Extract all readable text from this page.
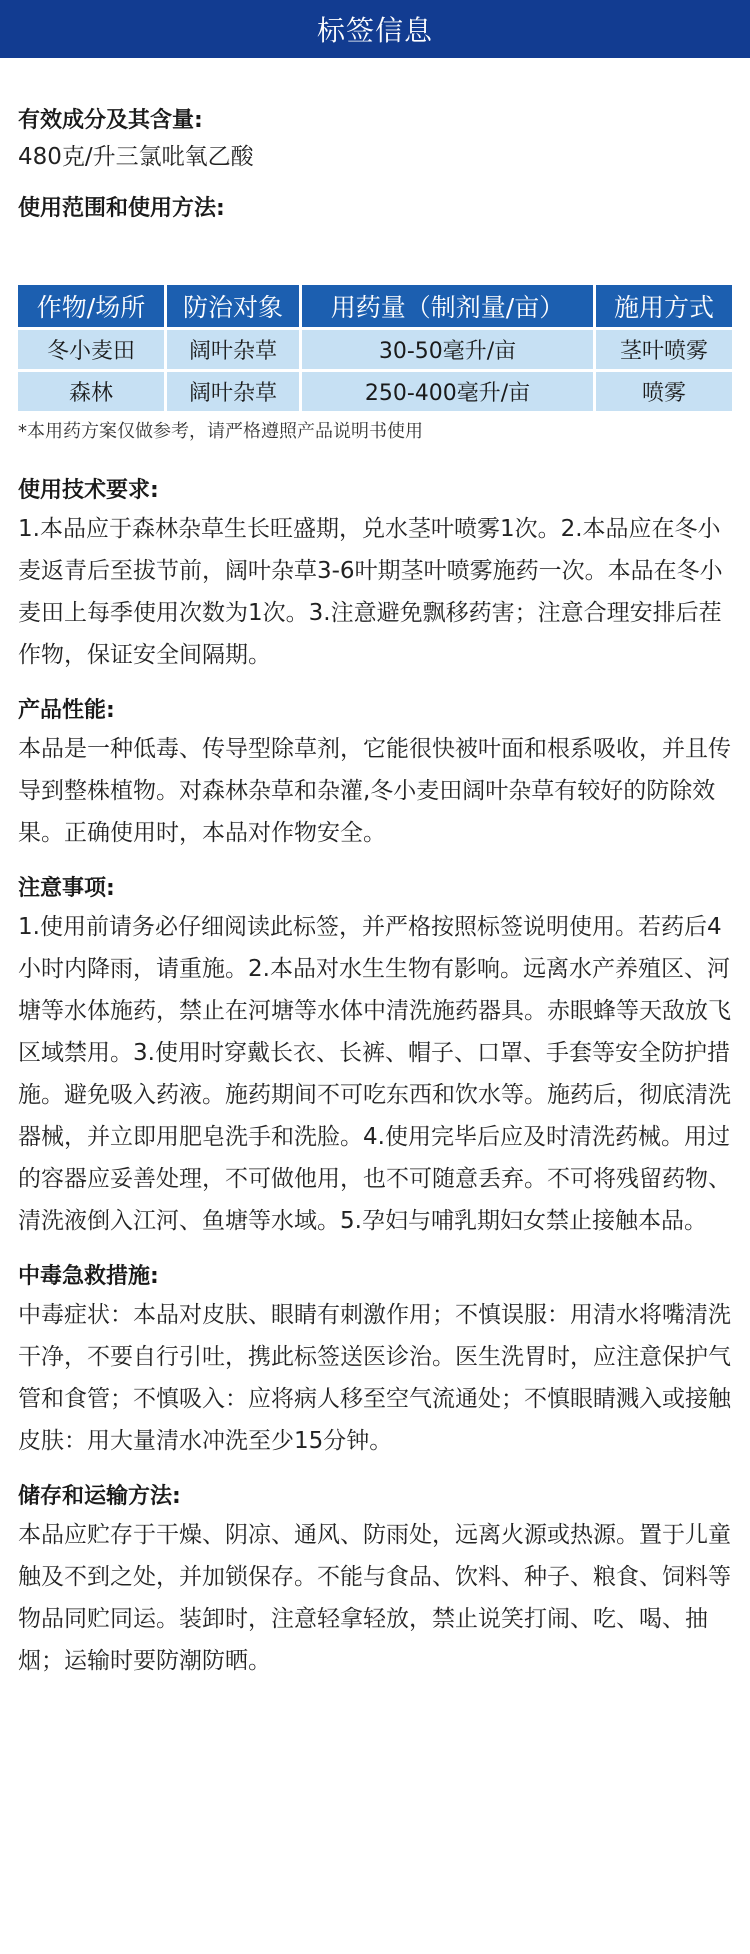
标签信息

有效成分及其含量:

480克/升三氯吡氧乙酸

使用范围和使用方法:

作物/场所	防治对象	用药量（制剂量/亩）	施用方式
冬小麦田	阔叶杂草	30-50毫升/亩	茎叶喷雾
森林	阔叶杂草	250-400毫升/亩	喷雾

*本用药方案仅做参考，请严格遵照产品说明书使用

使用技术要求:

1.本品应于森林杂草生长旺盛期，兑水茎叶喷雾1次。2.本品应在冬小麦返青后至拔节前，阔叶杂草3-6叶期茎叶喷雾施药一次。本品在冬小麦田上每季使用次数为1次。3.注意避免飘移药害；注意合理安排后茬作物，保证安全间隔期。

产品性能:

本品是一种低毒、传导型除草剂，它能很快被叶面和根系吸收，并且传导到整株植物。对森林杂草和杂灌,冬小麦田阔叶杂草有较好的防除效果。正确使用时，本品对作物安全。

注意事项:

1.使用前请务必仔细阅读此标签，并严格按照标签说明使用。若药后4小时内降雨，请重施。2.本品对水生生物有影响。远离水产养殖区、河塘等水体施药，禁止在河塘等水体中清洗施药器具。赤眼蜂等天敌放飞区域禁用。3.使用时穿戴长衣、长裤、帽子、口罩、手套等安全防护措施。避免吸入药液。施药期间不可吃东西和饮水等。施药后，彻底清洗器械，并立即用肥皂洗手和洗脸。4.使用完毕后应及时清洗药械。用过的容器应妥善处理，不可做他用，也不可随意丢弃。不可将残留药物、清洗液倒入江河、鱼塘等水域。5.孕妇与哺乳期妇女禁止接触本品。

中毒急救措施:

中毒症状：本品对皮肤、眼睛有刺激作用；不慎误服：用清水将嘴清洗干净，不要自行引吐，携此标签送医诊治。医生洗胃时，应注意保护气管和食管；不慎吸入：应将病人移至空气流通处；不慎眼睛溅入或接触皮肤：用大量清水冲洗至少15分钟。

储存和运输方法:

本品应贮存于干燥、阴凉、通风、防雨处，远离火源或热源。置于儿童触及不到之处，并加锁保存。不能与食品、饮料、种子、粮食、饲料等物品同贮同运。装卸时，注意轻拿轻放，禁止说笑打闹、吃、喝、抽烟；运输时要防潮防晒。
